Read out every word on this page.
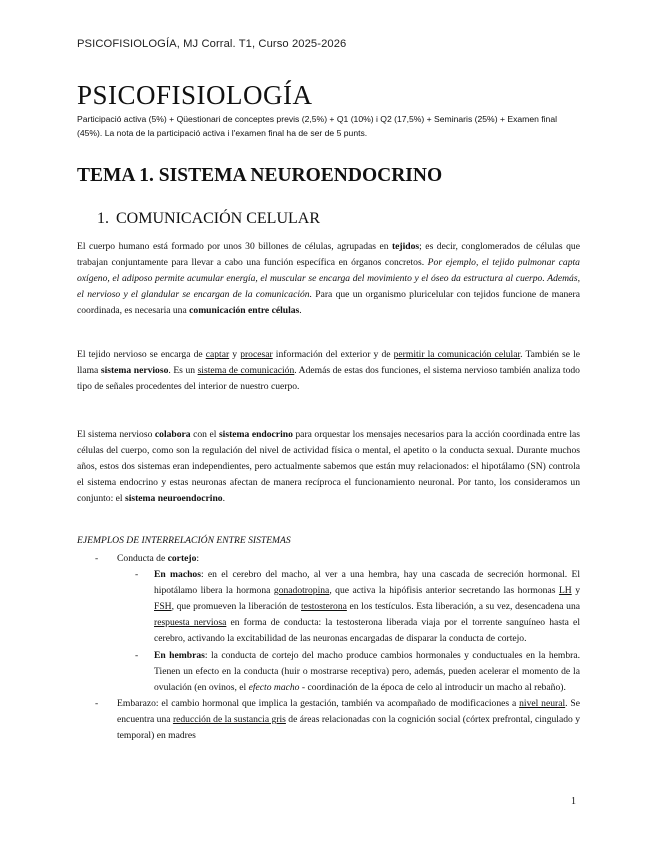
PSICOFISIOLOGÍA, MJ Corral. T1, Curso 2025-2026
PSICOFISIOLOGÍA
Participació activa (5%) + Qüestionari de conceptes previs (2,5%) + Q1 (10%) i Q2 (17,5%) + Seminaris (25%) + Examen final (45%). La nota de la participació activa i l'examen final ha de ser de 5 punts.
TEMA 1. SISTEMA NEUROENDOCRINO
1. COMUNICACIÓN CELULAR
El cuerpo humano está formado por unos 30 billones de células, agrupadas en tejidos; es decir, conglomerados de células que trabajan conjuntamente para llevar a cabo una función específica en órganos concretos. Por ejemplo, el tejido pulmonar capta oxígeno, el adiposo permite acumular energía, el muscular se encarga del movimiento y el óseo da estructura al cuerpo. Además, el nervioso y el glandular se encargan de la comunicación. Para que un organismo pluricelular con tejidos funcione de manera coordinada, es necesaria una comunicación entre células.
El tejido nervioso se encarga de captar y procesar información del exterior y de permitir la comunicación celular. También se le llama sistema nervioso. Es un sistema de comunicación. Además de estas dos funciones, el sistema nervioso también analiza todo tipo de señales procedentes del interior de nuestro cuerpo.
El sistema nervioso colabora con el sistema endocrino para orquestar los mensajes necesarios para la acción coordinada entre las células del cuerpo, como son la regulación del nivel de actividad física o mental, el apetito o la conducta sexual. Durante muchos años, estos dos sistemas eran independientes, pero actualmente sabemos que están muy relacionados: el hipotálamo (SN) controla el sistema endocrino y estas neuronas afectan de manera recíproca el funcionamiento neuronal. Por tanto, los consideramos un conjunto: el sistema neuroendocrino.
EJEMPLOS DE INTERRELACIÓN ENTRE SISTEMAS
- Conducta de cortejo:
- En machos: en el cerebro del macho, al ver a una hembra, hay una cascada de secreción hormonal. El hipotálamo libera la hormona gonadotropina, que activa la hipófisis anterior secretando las hormonas LH y FSH, que promueven la liberación de testosterona en los testículos. Esta liberación, a su vez, desencadena una respuesta nerviosa en forma de conducta: la testosterona liberada viaja por el torrente sanguíneo hasta el cerebro, activando la excitabilidad de las neuronas encargadas de disparar la conducta de cortejo.
- En hembras: la conducta de cortejo del macho produce cambios hormonales y conductuales en la hembra. Tienen un efecto en la conducta (huir o mostrarse receptiva) pero, además, pueden acelerar el momento de la ovulación (en ovinos, el efecto macho - coordinación de la época de celo al introducir un macho al rebaño).
- Embarazo: el cambio hormonal que implica la gestación, también va acompañado de modificaciones a nivel neural. Se encuentra una reducción de la sustancia gris de áreas relacionadas con la cognición social (córtex prefrontal, cingulado y temporal) en madres
1
